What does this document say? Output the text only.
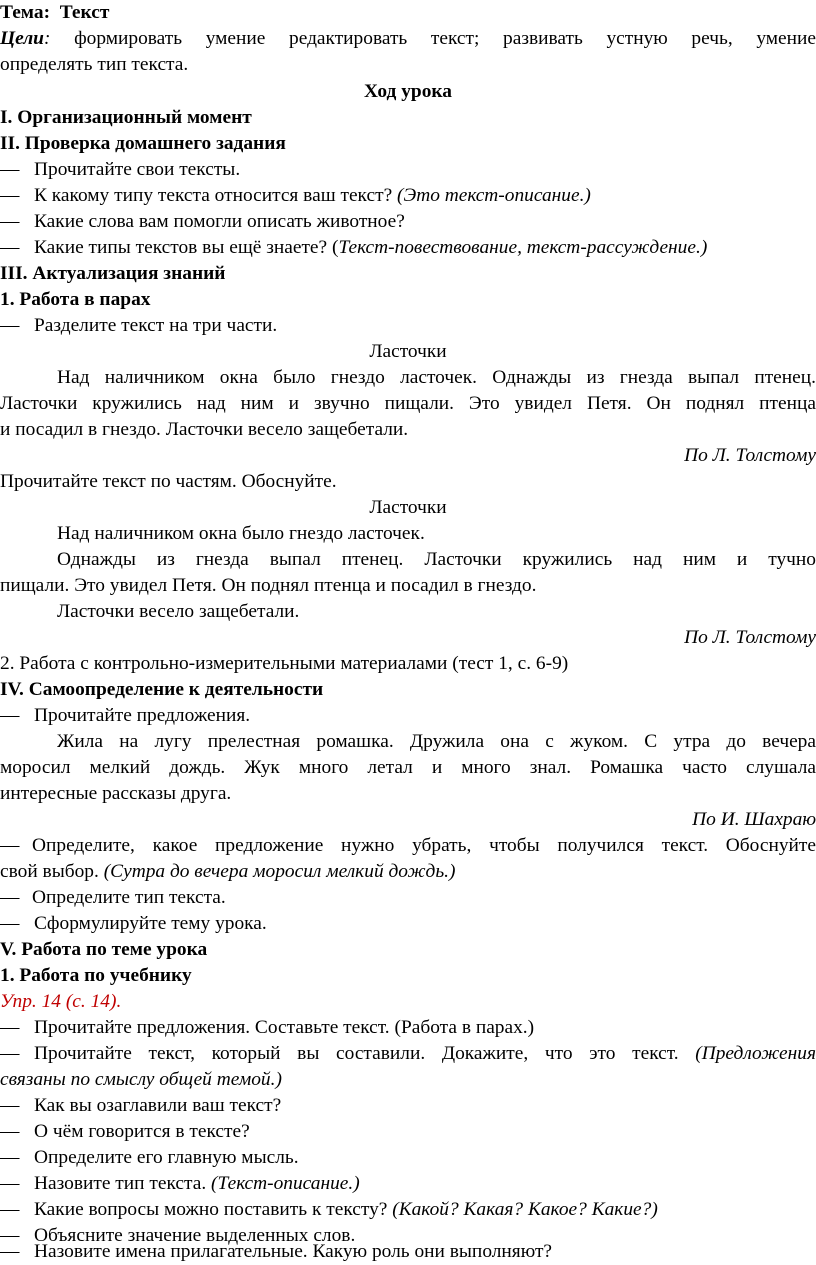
Тема: Текст
Цели: формировать умение редактировать текст; развивать устную речь, умение
определять тип текста.
Ход урока
I. Организационный момент
II. Проверка домашнего задания
— Прочитайте свои тексты.
— К какому типу текста относится ваш текст? (Это текст-описание.)
— Какие слова вам помогли описать животное?
— Какие типы текстов вы ещё знаете? (Текст-повествование, текст-рассуждение.)
III. Актуализация знаний
1. Работа в парах
— Разделите текст на три части.
Ласточки
Над наличником окна было гнездо ласточек. Однажды из гнезда выпал птенец.
Ласточки кружились над ним и звучно пищали. Это увидел Петя. Он поднял птенца
и посадил в гнездо. Ласточки весело защебетали.
По Л. Толстому
Прочитайте текст по частям. Обоснуйте.
Ласточки
Над наличником окна было гнездо ласточек.
Однажды из гнезда выпал птенец. Ласточки кружились над ним и тучно
пищали. Это увидел Петя. Он поднял птенца и посадил в гнездо.
Ласточки весело защебетали.
По Л. Толстому
2. Работа с контрольно-измерительными материалами (тест 1, с. 6-9)
IV. Самоопределение к деятельности
— Прочитайте предложения.
Жила на лугу прелестная ромашка. Дружила она с жуком. С утра до вечера
моросил мелкий дождь. Жук много летал и много знал. Ромашка часто слушала
интересные рассказы друга.
По И. Шахраю
— Определите, какое предложение нужно убрать, чтобы получился текст. Обоснуйте
свой выбор. (Сутра до вечера моросил мелкий дождь.)
— Определите тип текста.
— Сформулируйте тему урока.
V. Работа по теме урока
1. Работа по учебнику
Упр. 14 (с. 14).
— Прочитайте предложения. Составьте текст. (Работа в парах.)
— Прочитайте текст, который вы составили. Докажите, что это текст. (Предложения
связаны по смыслу общей темой.)
— Как вы озаглавили ваш текст?
— О чём говорится в тексте?
— Определите его главную мысль.
— Назовите тип текста. (Текст-описание.)
— Какие вопросы можно поставить к тексту? (Какой? Какая? Какое? Какие?)
— Объясните значение выделенных слов.
— Назовите имена прилагательные. Какую роль они выполняют?
